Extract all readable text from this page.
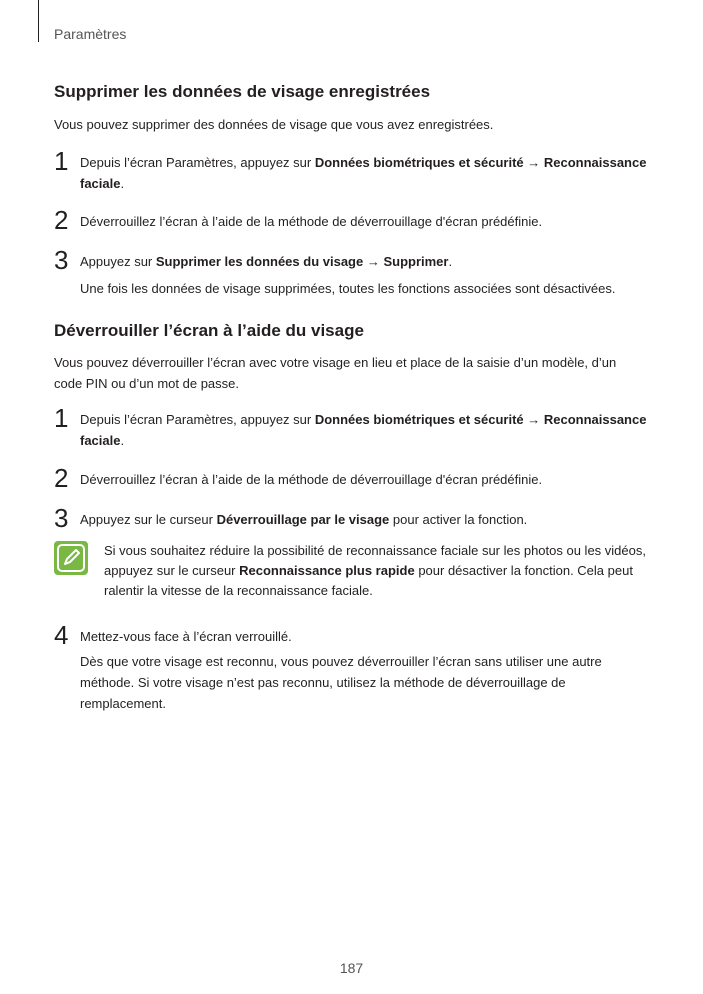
Paramètres
Supprimer les données de visage enregistrées
Vous pouvez supprimer des données de visage que vous avez enregistrées.
1 Depuis l’écran Paramètres, appuyez sur Données biométriques et sécurité → Reconnaissance faciale.
2 Déverrouillez l’écran à l’aide de la méthode de déverrouillage d'écran prédéfinie.
3 Appuyez sur Supprimer les données du visage → Supprimer.
Une fois les données de visage supprimées, toutes les fonctions associées sont désactivées.
Déverrouiller l’écran à l’aide du visage
Vous pouvez déverrouiller l’écran avec votre visage en lieu et place de la saisie d’un modèle, d’un code PIN ou d’un mot de passe.
1 Depuis l’écran Paramètres, appuyez sur Données biométriques et sécurité → Reconnaissance faciale.
2 Déverrouillez l’écran à l’aide de la méthode de déverrouillage d'écran prédéfinie.
3 Appuyez sur le curseur Déverrouillage par le visage pour activer la fonction.
Si vous souhaitez réduire la possibilité de reconnaissance faciale sur les photos ou les vidéos, appuyez sur le curseur Reconnaissance plus rapide pour désactiver la fonction. Cela peut ralentir la vitesse de la reconnaissance faciale.
4 Mettez-vous face à l’écran verrouillé.
Dès que votre visage est reconnu, vous pouvez déverrouiller l’écran sans utiliser une autre méthode. Si votre visage n’est pas reconnu, utilisez la méthode de déverrouillage de remplacement.
187
